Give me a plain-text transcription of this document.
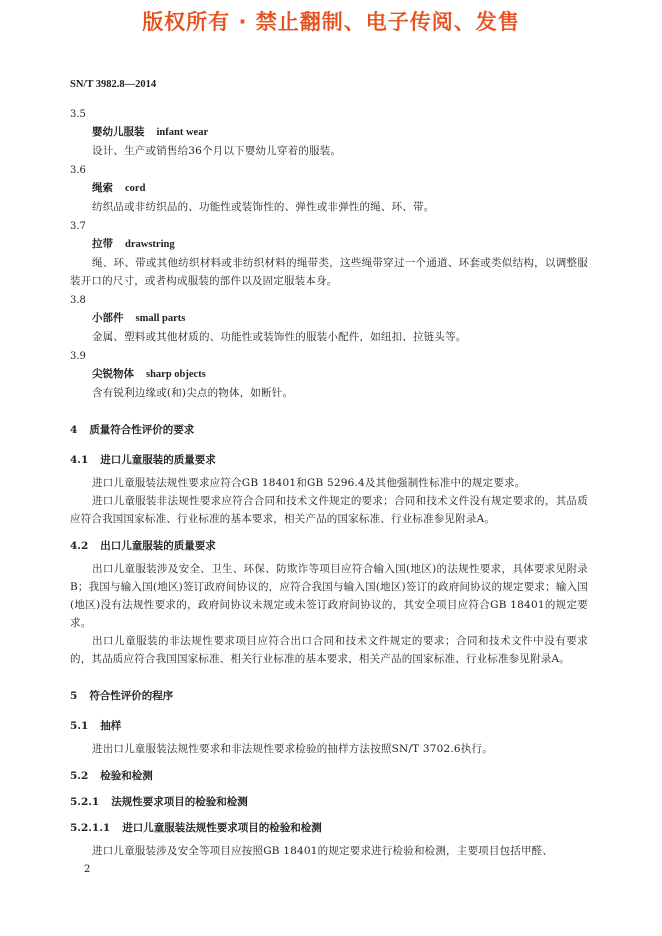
版权所有 · 禁止翻制、电子传阅、发售
SN/T 3982.8—2014

3.5

婴幼儿服装 infant wear

设计、生产或销售给36个月以下婴幼儿穿着的服装。

3.6

绳索 cord

纺织品或非纺织品的、功能性或装饰性的、弹性或非弹性的绳、环、带。

3.7

拉带 drawstring

绳、环、带或其他纺织材料或非纺织材料的绳带类，这些绳带穿过一个通道、环套或类似结构，以调整服装开口的尺寸，或者构成服装的部件以及固定服装本身。

3.8

小部件 small parts

金属、塑料或其他材质的、功能性或装饰性的服装小配件，如纽扣、拉链头等。

3.9

尖锐物体 sharp objects

含有锐利边缘或(和)尖点的物体，如断针。

4 质量符合性评价的要求

4.1 进口儿童服装的质量要求

进口儿童服装法规性要求应符合GB 18401和GB 5296.4及其他强制性标准中的规定要求。

进口儿童服装非法规性要求应符合合同和技术文件规定的要求；合同和技术文件没有规定要求的，其品质应符合我国国家标准、行业标准的基本要求，相关产品的国家标准、行业标准参见附录A。

4.2 出口儿童服装的质量要求

出口儿童服装涉及安全、卫生、环保、防欺诈等项目应符合输入国(地区)的法规性要求，具体要求见附录B；我国与输入国(地区)签订政府间协议的，应符合我国与输入国(地区)签订的政府间协议的规定要求；输入国(地区)没有法规性要求的，政府间协议未规定或未签订政府间协议的，其安全项目应符合GB 18401的规定要求。

出口儿童服装的非法规性要求项目应符合出口合同和技术文件规定的要求；合同和技术文件中没有要求的，其品质应符合我国国家标准、相关行业标准的基本要求，相关产品的国家标准、行业标准参见附录A。

5 符合性评价的程序

5.1 抽样

进出口儿童服装法规性要求和非法规性要求检验的抽样方法按照SN/T 3702.6执行。

5.2 检验和检测

5.2.1 法规性要求项目的检验和检测

5.2.1.1 进口儿童服装法规性要求项目的检验和检测

进口儿童服装涉及安全等项目应按照GB 18401的规定要求进行检验和检测，主要项目包括甲醛、

2
